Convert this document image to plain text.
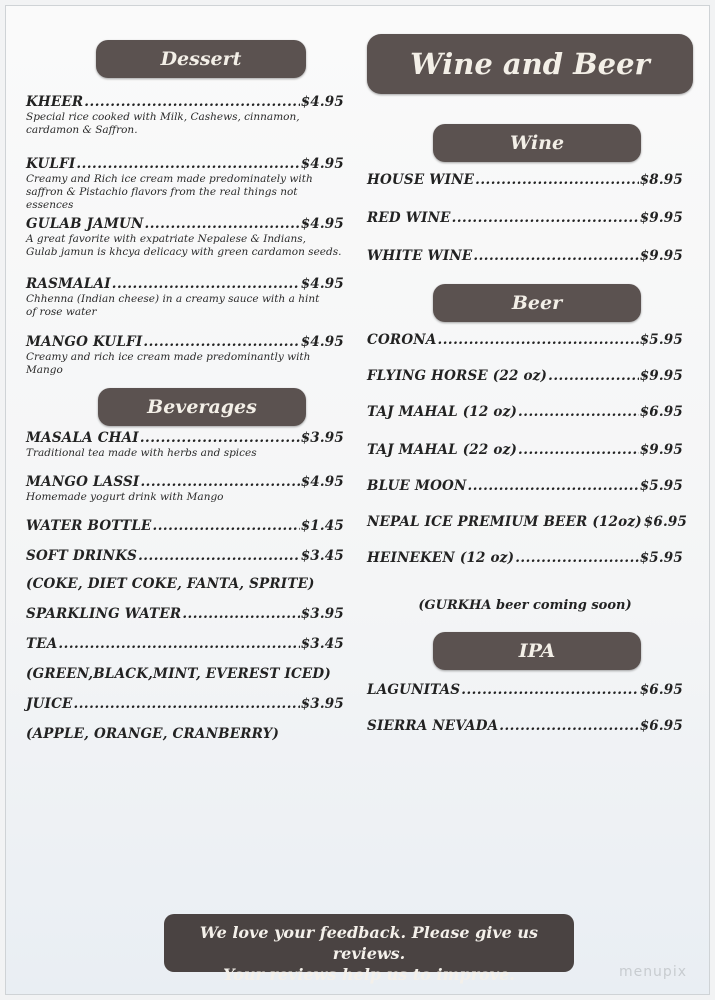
Dessert
KHEER .....	$4.95
Special rice cooked with Milk, Cashews, cinnamon,
cardamon & Saffron.
KULFI .....	$4.95
Creamy and Rich ice cream made predominately with
saffron & Pistachio flavors from the real things not essences
GULAB JAMUN .....	$4.95
A great favorite with expatriate Nepalese & Indians,
Gulab jamun is khcya delicacy with green cardamon seeds.
RASMALAI .....	$4.95
Chhenna (Indian cheese) in a creamy sauce with a hint
of rose water
MANGO KULFI .....	$4.95
Creamy and rich ice cream made predominantly with
Mango
Beverages
MASALA CHAI .....	$3.95
Traditional tea made with herbs and spices
MANGO LASSI .....	$4.95
Homemade yogurt drink with Mango
WATER BOTTLE .....	$1.45
SOFT DRINKS .....	$3.45
(COKE, DIET COKE, FANTA, SPRITE)
SPARKLING WATER .....	$3.95
TEA .....	$3.45
(GREEN,BLACK,MINT, EVEREST ICED)
JUICE .....	$3.95
(APPLE, ORANGE, CRANBERRY)
Wine and Beer
Wine
HOUSE WINE .....	$8.95
RED WINE .....	$9.95
WHITE WINE .....	$9.95
Beer
CORONA .....	$5.95
FLYING HORSE (22 oz) .....	$9.95
TAJ MAHAL (12 oz) .....	$6.95
TAJ MAHAL (22 oz) .....	$9.95
BLUE MOON .....	$5.95
NEPAL ICE PREMIUM BEER (12oz) $6.95
HEINEKEN (12 oz) .....	$5.95
(GURKHA beer coming soon)
IPA
LAGUNITAS .....	$6.95
SIERRA NEVADA .....	$6.95
We love your feedback. Please give us reviews.
Your reviews help us to improve.	menupix
